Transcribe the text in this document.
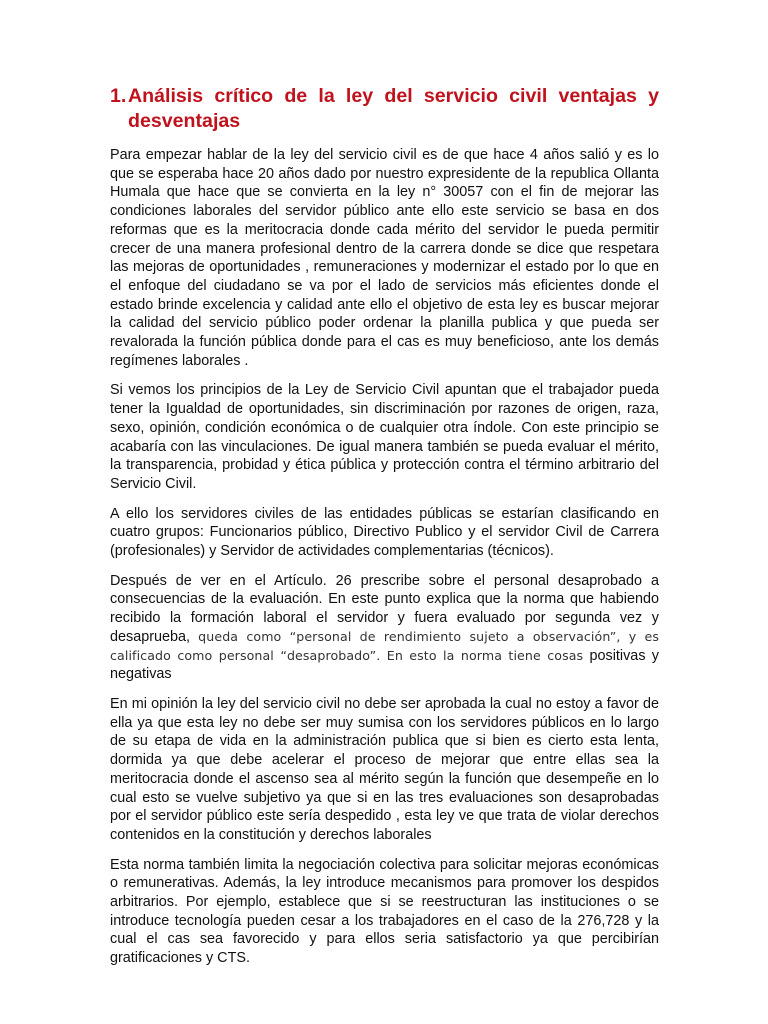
1. Análisis crítico de la ley del servicio civil ventajas y desventajas

Para empezar hablar de la ley del servicio civil es de que hace 4 años salió y es lo que se esperaba hace 20 años dado por nuestro expresidente de la republica Ollanta Humala que hace que se convierta en la ley n° 30057 con el fin de mejorar las condiciones laborales del servidor público ante ello este servicio se basa en dos reformas que es la meritocracia donde cada mérito del servidor le pueda permitir crecer de una manera profesional dentro de la carrera donde se dice que respetara las mejoras de oportunidades , remuneraciones y modernizar el estado por lo que en el enfoque del ciudadano se va por el lado de servicios más eficientes donde el estado brinde excelencia y calidad ante ello el objetivo de esta ley es buscar mejorar la calidad del servicio público poder ordenar la planilla publica y que pueda ser revalorada la función pública donde para el cas es muy beneficioso, ante los demás regímenes laborales .

Si vemos los principios de la Ley de Servicio Civil apuntan que el trabajador pueda tener la Igualdad de oportunidades, sin discriminación por razones de origen, raza, sexo, opinión, condición económica o de cualquier otra índole. Con este principio se acabaría con las vinculaciones. De igual manera también se pueda evaluar el mérito, la transparencia, probidad y ética pública y protección contra el término arbitrario del Servicio Civil.

A ello los servidores civiles de las entidades públicas se estarían clasificando en cuatro grupos: Funcionarios público, Directivo Publico y el servidor Civil de Carrera (profesionales) y Servidor de actividades complementarias (técnicos).

Después de ver en el Artículo. 26 prescribe sobre el personal desaprobado a consecuencias de la evaluación. En este punto explica que la norma que habiendo recibido la formación laboral el servidor y fuera evaluado por segunda vez y desaprueba, queda como “personal de rendimiento sujeto a observación”, y es calificado como personal “desaprobado”. En esto la norma tiene cosas positivas y negativas

En mi opinión la ley del servicio civil no debe ser aprobada la cual no estoy a favor de ella ya que esta ley no debe ser muy sumisa con los servidores públicos en lo largo de su etapa de vida en la administración publica que si bien es cierto esta lenta, dormida ya que debe acelerar el proceso de mejorar que entre ellas sea la meritocracia donde el ascenso sea al mérito según la función que desempeñe en lo cual esto se vuelve subjetivo ya que si en las tres evaluaciones son desaprobadas por el servidor público este sería despedido , esta ley ve que trata de violar derechos contenidos en la constitución y derechos laborales

Esta norma también limita la negociación colectiva para solicitar mejoras económicas o remunerativas. Además, la ley introduce mecanismos para promover los despidos arbitrarios. Por ejemplo, establece que si se reestructuran las instituciones o se introduce tecnología pueden cesar a los trabajadores en el caso de la 276,728 y la cual el cas sea favorecido y para ellos seria satisfactorio ya que percibirían gratificaciones y CTS.
